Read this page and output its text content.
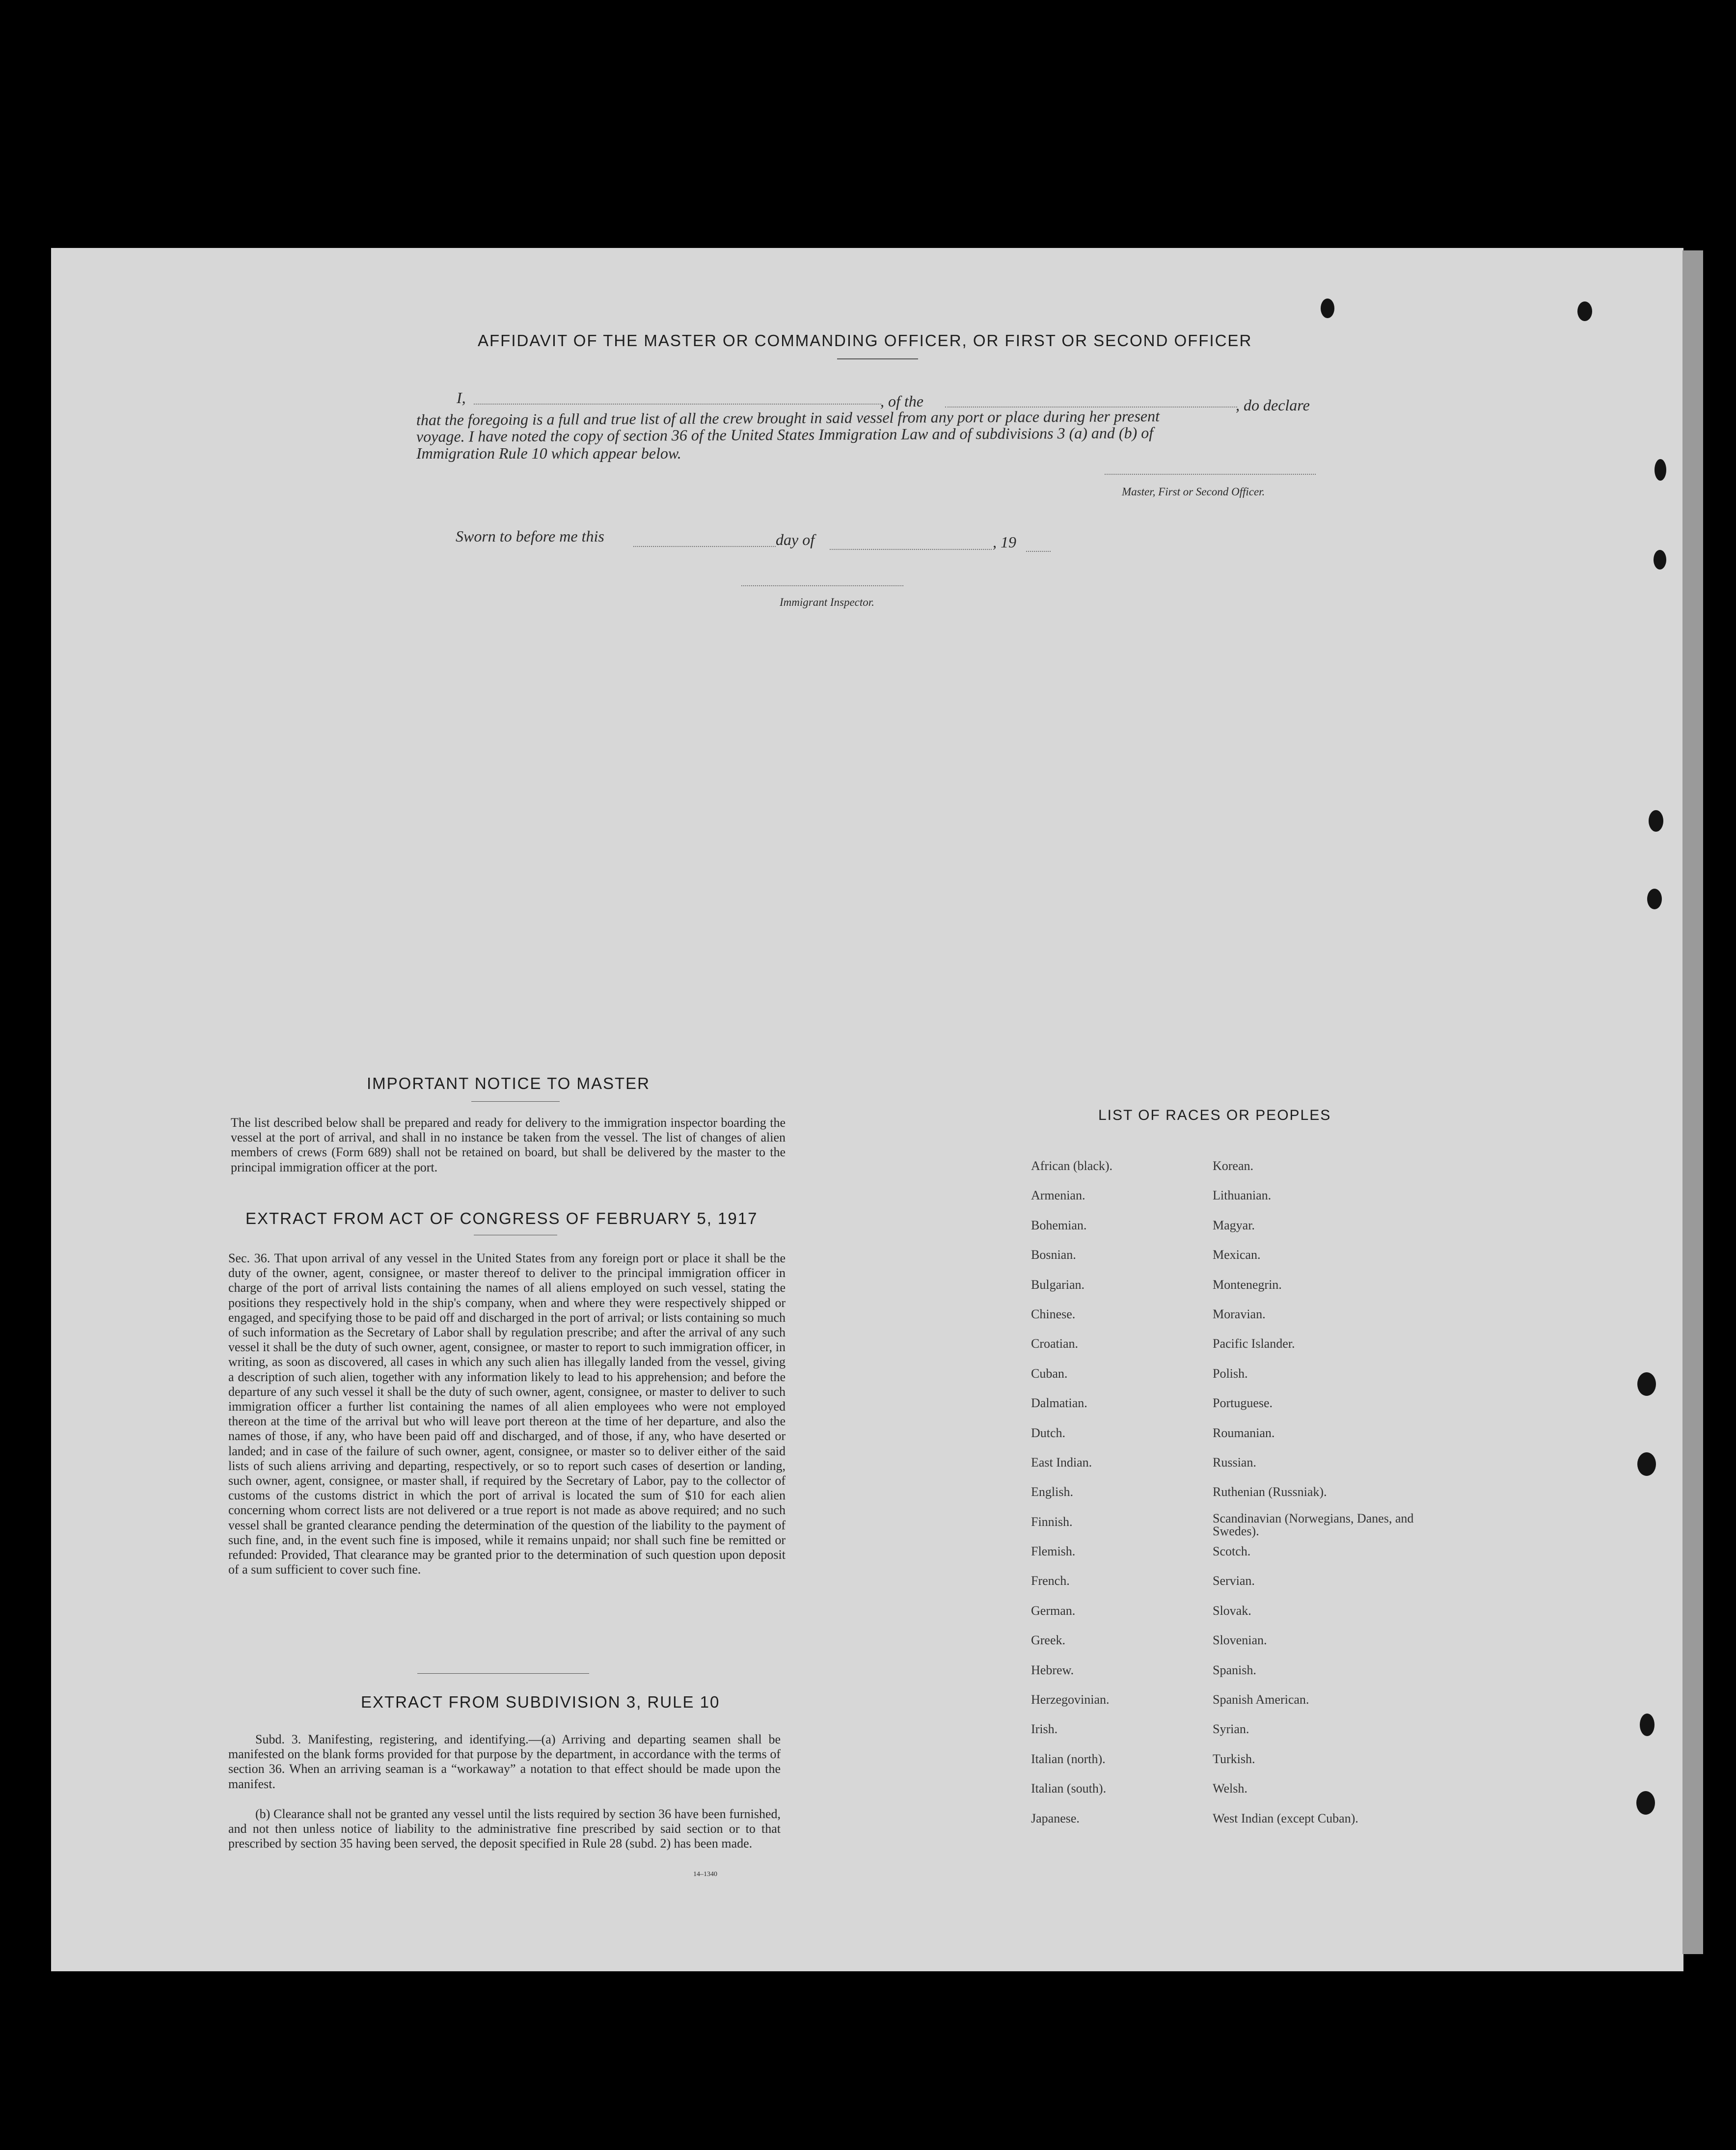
AFFIDAVIT OF THE MASTER OR COMMANDING OFFICER, OR FIRST OR SECOND OFFICER
I,	, of the	, do declare
that the foregoing is a full and true list of all the crew brought in said vessel from any port or place during her present
voyage. I have noted the copy of section 36 of the United States Immigration Law and of subdivisions 3 (a) and (b) of
Immigration Rule 10 which appear below.
Master, First or Second Officer.
Sworn to before me this	day of	, 19
Immigrant Inspector.
IMPORTANT NOTICE TO MASTER
The list described below shall be prepared and ready for delivery to the immigration inspector boarding the vessel at the port of arrival, and shall in no instance be taken from the vessel. The list of changes of alien members of crews (Form 689) shall not be retained on board, but shall be delivered by the master to the principal immigration officer at the port.
EXTRACT FROM ACT OF CONGRESS OF FEBRUARY 5, 1917
Sec. 36. That upon arrival of any vessel in the United States from any foreign port or place it shall be the duty of the owner, agent, consignee, or master thereof to deliver to the principal immigration officer in charge of the port of arrival lists containing the names of all aliens employed on such vessel, stating the positions they respectively hold in the ship's company, when and where they were respectively shipped or engaged, and specifying those to be paid off and discharged in the port of arrival; or lists containing so much of such information as the Secretary of Labor shall by regulation prescribe; and after the arrival of any such vessel it shall be the duty of such owner, agent, consignee, or master to report to such immigration officer, in writing, as soon as discovered, all cases in which any such alien has illegally landed from the vessel, giving a description of such alien, together with any information likely to lead to his apprehension; and before the departure of any such vessel it shall be the duty of such owner, agent, consignee, or master to deliver to such immigration officer a further list containing the names of all alien employees who were not employed thereon at the time of the arrival but who will leave port thereon at the time of her departure, and also the names of those, if any, who have been paid off and discharged, and of those, if any, who have deserted or landed; and in case of the failure of such owner, agent, consignee, or master so to deliver either of the said lists of such aliens arriving and departing, respectively, or so to report such cases of desertion or landing, such owner, agent, consignee, or master shall, if required by the Secretary of Labor, pay to the collector of customs of the customs district in which the port of arrival is located the sum of $10 for each alien concerning whom correct lists are not delivered or a true report is not made as above required; and no such vessel shall be granted clearance pending the determination of the question of the liability to the payment of such fine, and, in the event such fine is imposed, while it remains unpaid; nor shall such fine be remitted or refunded: Provided, That clearance may be granted prior to the determination of such question upon deposit of a sum sufficient to cover such fine.
EXTRACT FROM SUBDIVISION 3, RULE 10
Subd. 3. Manifesting, registering, and identifying.—(a) Arriving and departing seamen shall be manifested on the blank forms provided for that purpose by the department, in accordance with the terms of section 36. When an arriving seaman is a “workaway” a notation to that effect should be made upon the manifest.
(b) Clearance shall not be granted any vessel until the lists required by section 36 have been furnished, and not then unless notice of liability to the administrative fine prescribed by said section or to that prescribed by section 35 having been served, the deposit specified in Rule 28 (subd. 2) has been made.
14–1340
LIST OF RACES OR PEOPLES
African (black).	Korean.
Armenian.	Lithuanian.
Bohemian.	Magyar.
Bosnian.	Mexican.
Bulgarian.	Montenegrin.
Chinese.	Moravian.
Croatian.	Pacific Islander.
Cuban.	Polish.
Dalmatian.	Portuguese.
Dutch.	Roumanian.
East Indian.	Russian.
English.	Ruthenian (Russniak).
Finnish.	Scandinavian (Norwegians, Danes, and Swedes).
Flemish.	Scotch.
French.	Servian.
German.	Slovak.
Greek.	Slovenian.
Hebrew.	Spanish.
Herzegovinian.	Spanish American.
Irish.	Syrian.
Italian (north).	Turkish.
Italian (south).	Welsh.
Japanese.	West Indian (except Cuban).
